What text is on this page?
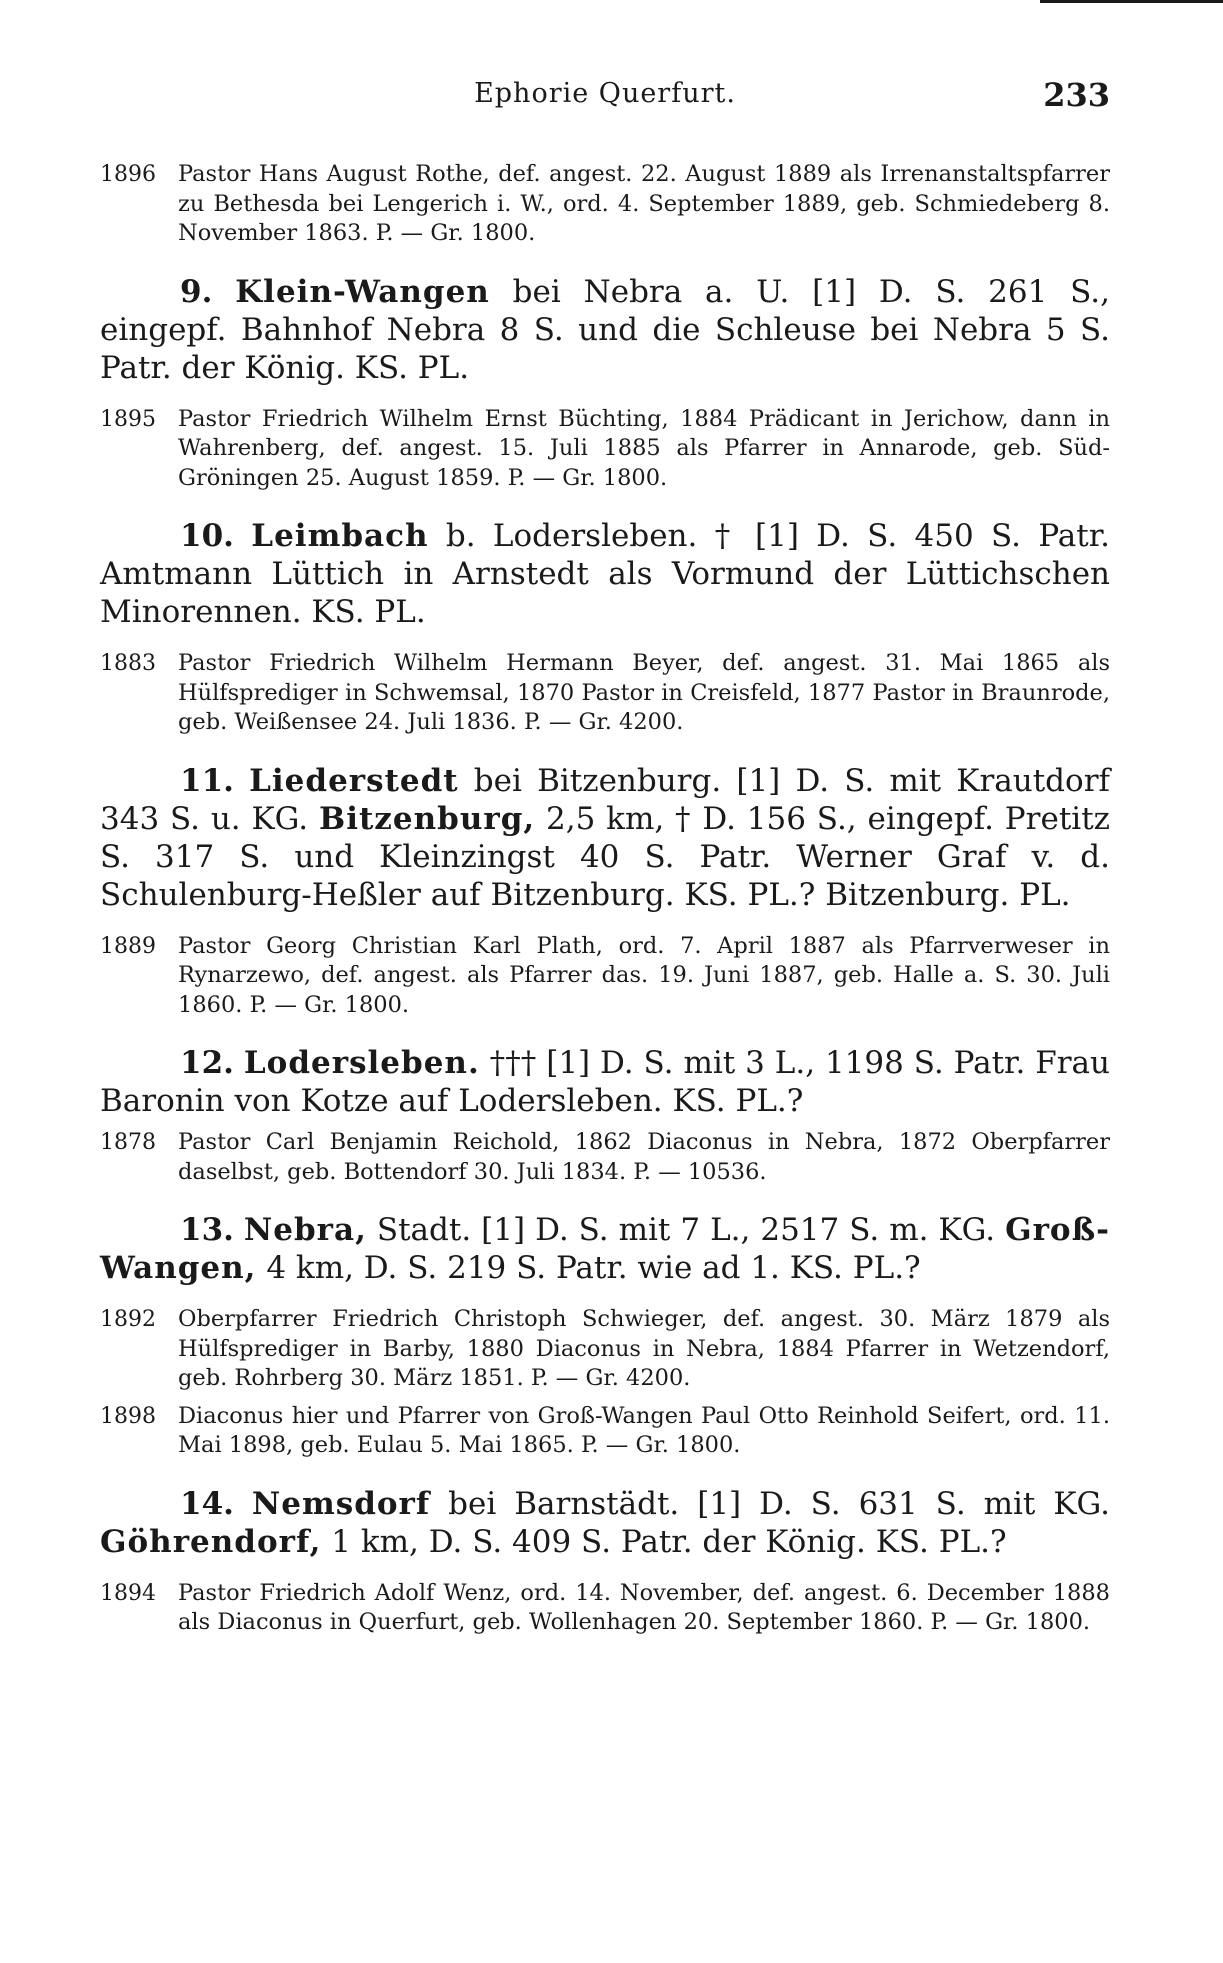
Ephorie Querfurt.	233
1896 Pastor Hans August Rothe, def. angest. 22. August 1889 als Irrenanstaltspfarrer zu Bethesda bei Lengerich i. W., ord. 4. September 1889, geb. Schmiedeberg 8. November 1863. P. — Gr. 1800.

9. Klein-Wangen bei Nebra a. U. [1] D. S. 261 S., eingepf. Bahnhof Nebra 8 S. und die Schleuse bei Nebra 5 S. Patr. der König. KS. PL.

1895 Pastor Friedrich Wilhelm Ernst Büchting, 1884 Prädicant in Jerichow, dann in Wahrenberg, def. angest. 15. Juli 1885 als Pfarrer in Annarode, geb. Süd-Gröningen 25. August 1859. P. — Gr. 1800.

10. Leimbach b. Lodersleben. † [1] D. S. 450 S. Patr. Amtmann Lüttich in Arnstedt als Vormund der Lüttichschen Minorennen. KS. PL.

1883 Pastor Friedrich Wilhelm Hermann Beyer, def. angest. 31. Mai 1865 als Hülfsprediger in Schwemsal, 1870 Pastor in Creisfeld, 1877 Pastor in Braunrode, geb. Weißensee 24. Juli 1836. P. — Gr. 4200.

11. Liederstedt bei Bitzenburg. [1] D. S. mit Krautdorf 343 S. u. KG. Bitzenburg, 2,5 km, † D. 156 S., eingepf. Pretitz S. 317 S. und Kleinzingst 40 S. Patr. Werner Graf v. d. Schulenburg-Heßler auf Bitzenburg. KS. PL.? Bitzenburg. PL.

1889 Pastor Georg Christian Karl Plath, ord. 7. April 1887 als Pfarrverweser in Rynarzewo, def. angest. als Pfarrer das. 19. Juni 1887, geb. Halle a. S. 30. Juli 1860. P. — Gr. 1800.

12. Lodersleben. ††† [1] D. S. mit 3 L., 1198 S. Patr. Frau Baronin von Kotze auf Lodersleben. KS. PL.?

1878 Pastor Carl Benjamin Reichold, 1862 Diaconus in Nebra, 1872 Oberpfarrer daselbst, geb. Bottendorf 30. Juli 1834. P. — 10536.

13. Nebra, Stadt. [1] D. S. mit 7 L., 2517 S. m. KG. Groß-Wangen, 4 km, D. S. 219 S. Patr. wie ad 1. KS. PL.?

1892 Oberpfarrer Friedrich Christoph Schwieger, def. angest. 30. März 1879 als Hülfsprediger in Barby, 1880 Diaconus in Nebra, 1884 Pfarrer in Wetzendorf, geb. Rohrberg 30. März 1851. P. — Gr. 4200.
1898 Diaconus hier und Pfarrer von Groß-Wangen Paul Otto Reinhold Seifert, ord. 11. Mai 1898, geb. Eulau 5. Mai 1865. P. — Gr. 1800.

14. Nemsdorf bei Barnstädt. [1] D. S. 631 S. mit KG. Göhrendorf, 1 km, D. S. 409 S. Patr. der König. KS. PL.?

1894 Pastor Friedrich Adolf Wenz, ord. 14. November, def. angest. 6. December 1888 als Diaconus in Querfurt, geb. Wollenhagen 20. September 1860. P. — Gr. 1800.
